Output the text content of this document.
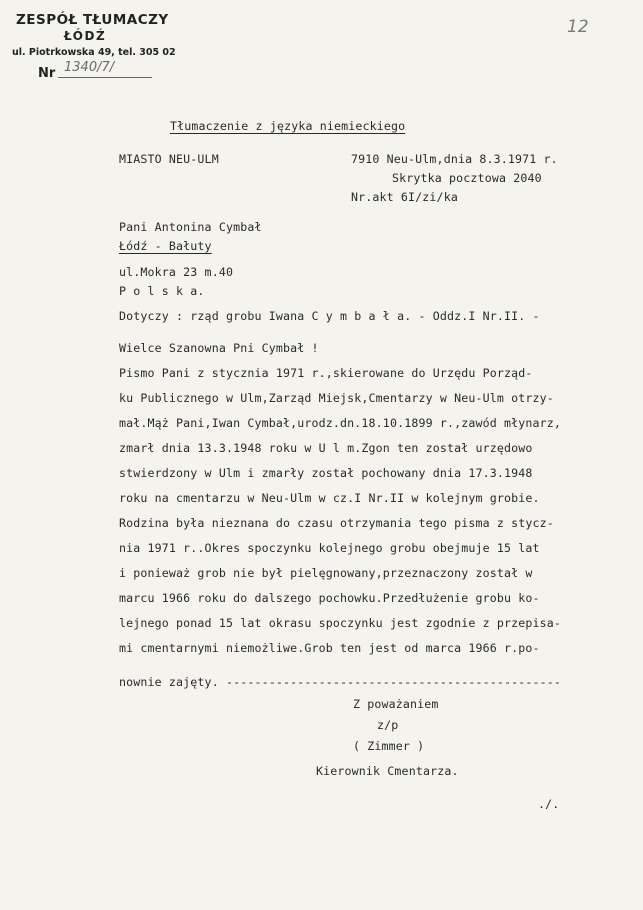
ZESPÓŁ TŁUMACZY
ŁÓDŹ
ul. Piotrkowska 49, tel. 305 02
Nr 1340/7/
12
Tłumaczenie z języka niemieckiego
MIASTO NEU-ULM	7910 Neu-Ulm,dnia 8.3.1971 r.
Skrytka pocztowa 2040
Nr.akt 6I/zi/ka
Pani Antonina Cymbał
Łódź - Bałuty
ul.Mokra 23 m.40
P o l s k a.
Dotyczy : rząd grobu Iwana C y m b a ł a. - Oddz.I Nr.II. -
Wielce Szanowna Pni Cymbał !
Pismo Pani z stycznia 1971 r.,skierowane do Urzędu Porząd-
ku Publicznego w Ulm,Zarząd Miejsk,Cmentarzy w Neu-Ulm otrzy-
mał.Mąż Pani,Iwan Cymbał,urodz.dn.18.10.1899 r.,zawód młynarz,
zmarł dnia 13.3.1948 roku w U l m.Zgon ten został urzędowo
stwierdzony w Ulm i zmarły został pochowany dnia 17.3.1948
roku na cmentarzu w Neu-Ulm w cz.I Nr.II w kolejnym grobie.
Rodzina była nieznana do czasu otrzymania tego pisma z stycz-
nia 1971 r..Okres spoczynku kolejnego grobu obejmuje 15 lat
i ponieważ grob nie był pielęgnowany,przeznaczony został w
marcu 1966 roku do dalszego pochowku.Przedłużenie grobu ko-
lejnego ponad 15 lat okrasu spoczynku jest zgodnie z przepisa-
mi cmentarnymi niemożliwe.Grob ten jest od marca 1966 r.po-
nownie zajęty. -----------------------------------------------
Z poważaniem
z/p
( Zimmer )
Kierownik Cmentarza.
./.
